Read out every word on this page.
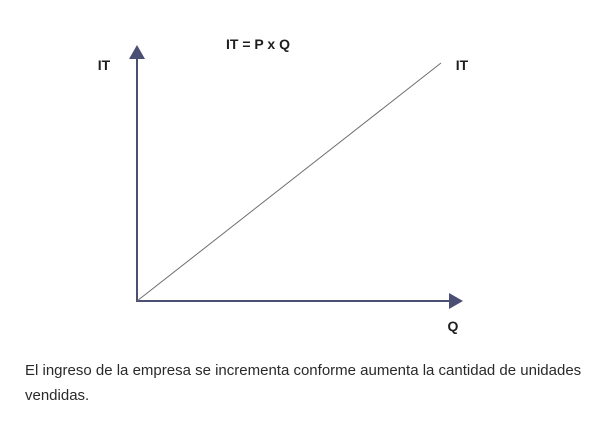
IT = P x Q
IT
Q
IT

El ingreso de la empresa se incrementa conforme aumenta la cantidad de unidades vendidas.
